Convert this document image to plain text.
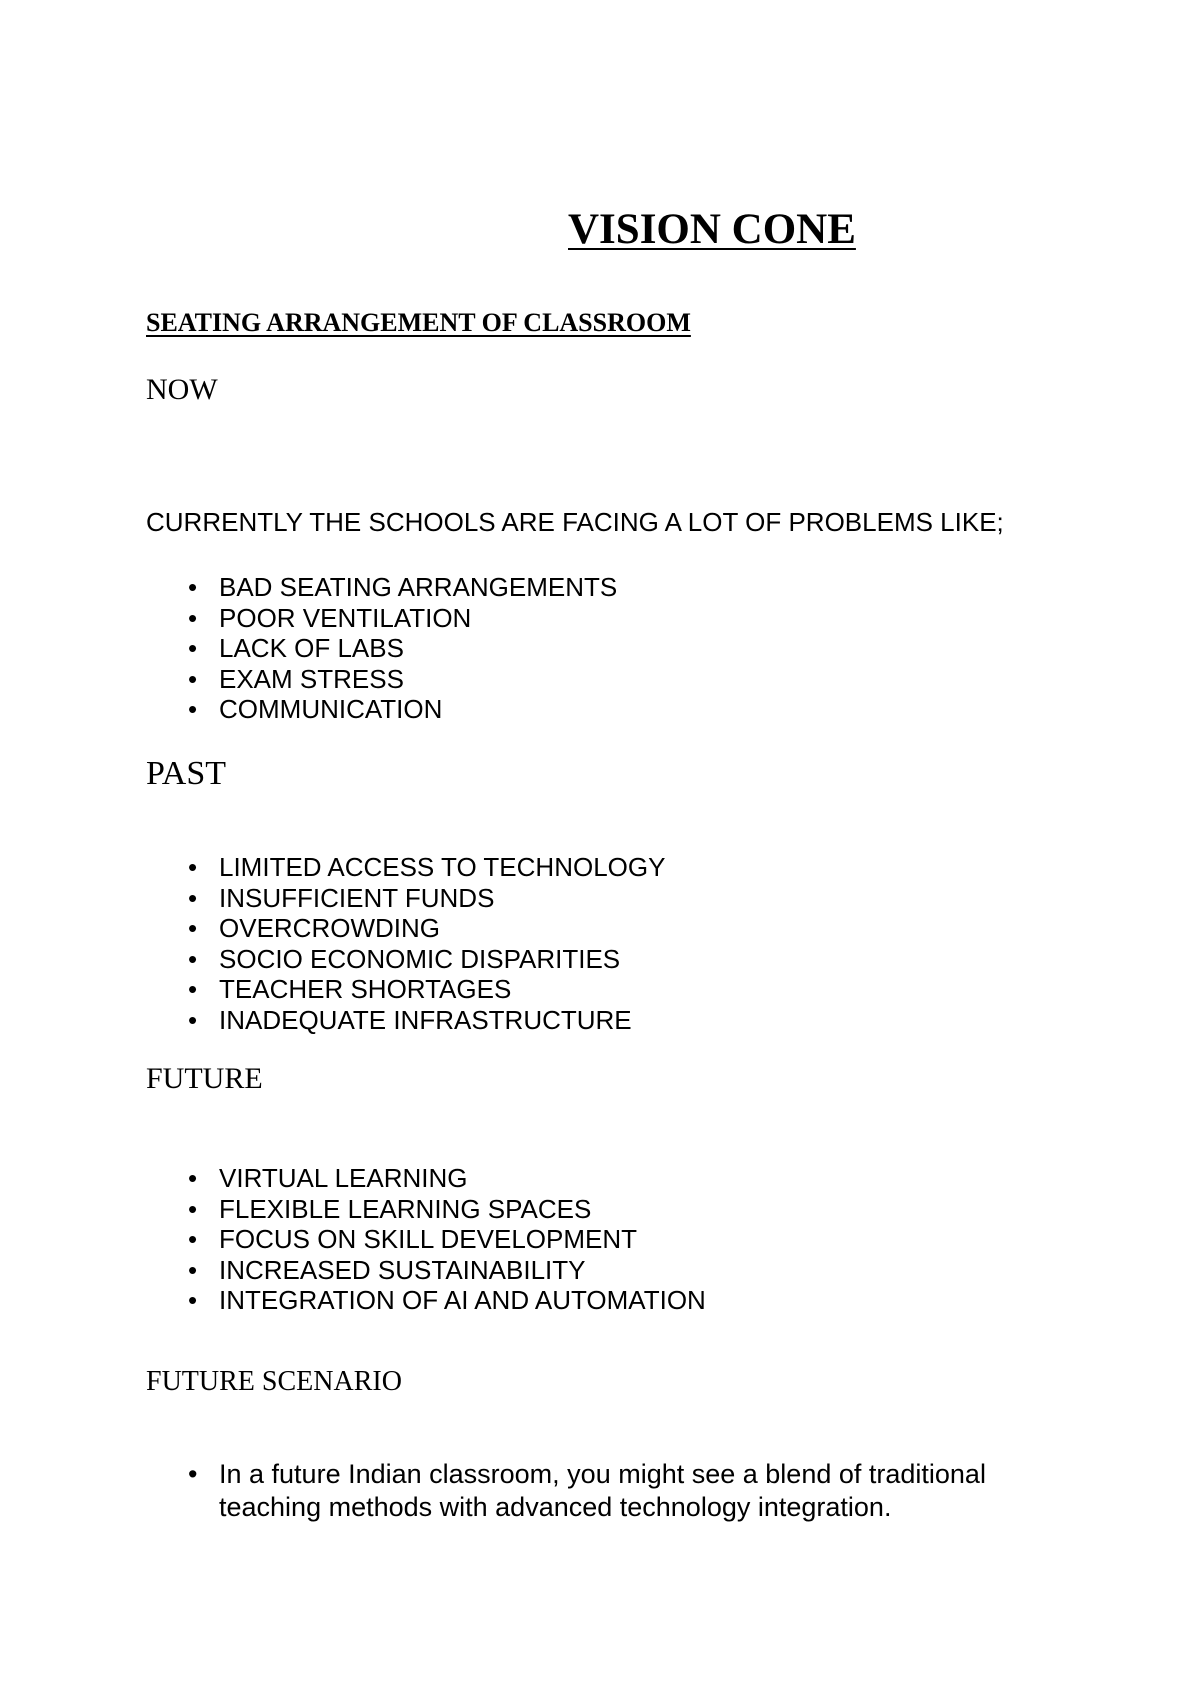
VISION CONE
SEATING ARRANGEMENT OF CLASSROOM
NOW

CURRENTLY THE SCHOOLS ARE FACING A LOT OF PROBLEMS LIKE;

• BAD SEATING ARRANGEMENTS
• POOR VENTILATION
• LACK OF LABS
• EXAM STRESS
• COMMUNICATION
PAST
• LIMITED ACCESS TO TECHNOLOGY
• INSUFFICIENT FUNDS
• OVERCROWDING
• SOCIO ECONOMIC DISPARITIES
• TEACHER SHORTAGES
• INADEQUATE INFRASTRUCTURE
FUTURE
• VIRTUAL LEARNING
• FLEXIBLE LEARNING SPACES
• FOCUS ON SKILL DEVELOPMENT
• INCREASED SUSTAINABILITY
• INTEGRATION OF AI AND AUTOMATION
FUTURE SCENARIO
• In a future Indian classroom, you might see a blend of traditional teaching methods with advanced technology integration.
